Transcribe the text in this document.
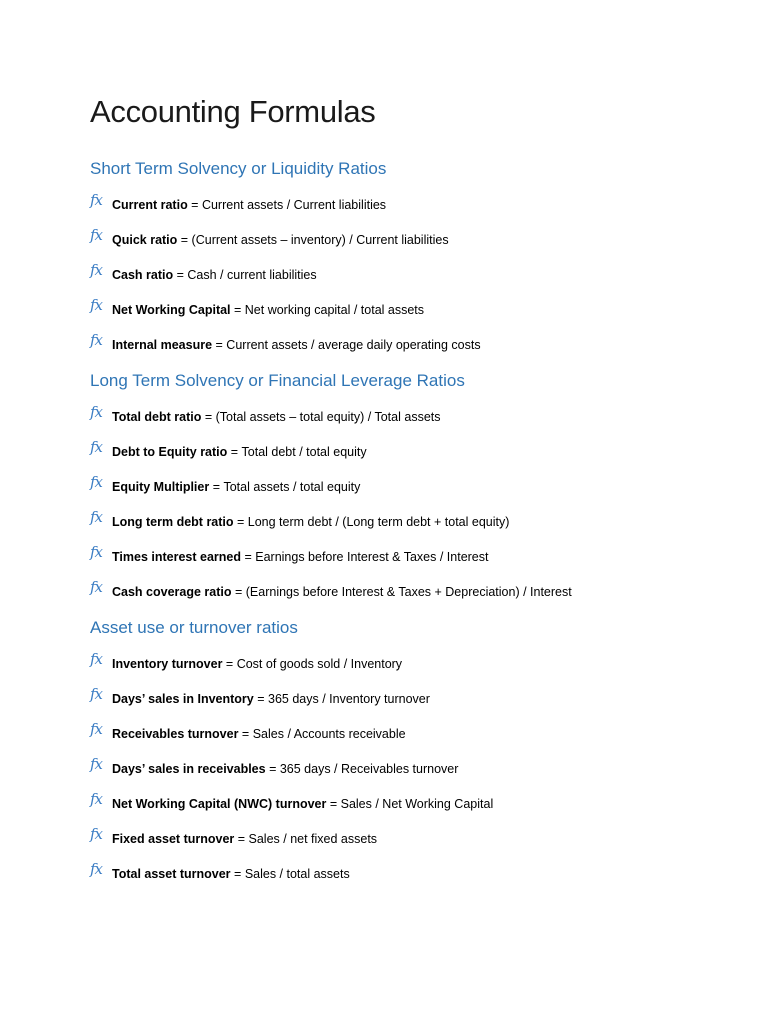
Accounting Formulas
Short Term Solvency or Liquidity Ratios
fx Current ratio = Current assets / Current liabilities
fx Quick ratio = (Current assets – inventory) / Current liabilities
fx Cash ratio = Cash / current liabilities
fx Net Working Capital = Net working capital / total assets
fx Internal measure = Current assets / average daily operating costs
Long Term Solvency or Financial Leverage Ratios
fx Total debt ratio = (Total assets – total equity) / Total assets
fx Debt to Equity ratio = Total debt / total equity
fx Equity Multiplier = Total assets / total equity
fx Long term debt ratio = Long term debt / (Long term debt + total equity)
fx Times interest earned = Earnings before Interest & Taxes / Interest
fx Cash coverage ratio = (Earnings before Interest & Taxes + Depreciation) / Interest
Asset use or turnover ratios
fx Inventory turnover = Cost of goods sold / Inventory
fx Days’ sales in Inventory = 365 days / Inventory turnover
fx Receivables turnover = Sales / Accounts receivable
fx Days’ sales in receivables = 365 days / Receivables turnover
fx Net Working Capital (NWC) turnover = Sales / Net Working Capital
fx Fixed asset turnover = Sales / net fixed assets
fx Total asset turnover = Sales / total assets
